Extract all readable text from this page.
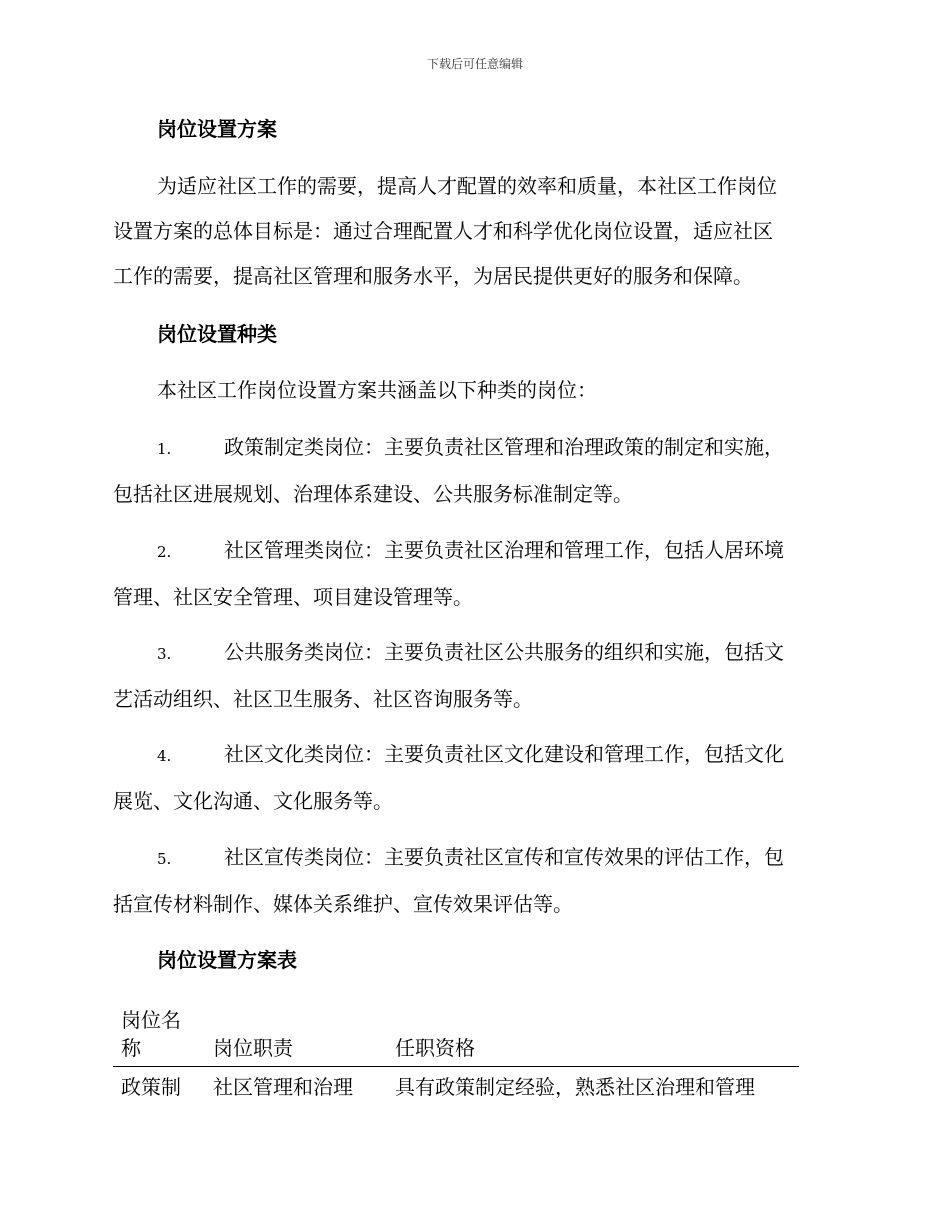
下载后可任意编辑
岗位设置方案
为适应社区工作的需要，提高人才配置的效率和质量，本社区工作岗位
设置方案的总体目标是：通过合理配置人才和科学优化岗位设置，适应社区
工作的需要，提高社区管理和服务水平，为居民提供更好的服务和保障。
岗位设置种类

本社区工作岗位设置方案共涵盖以下种类的岗位：

1.	政策制定类岗位：主要负责社区管理和治理政策的制定和实施，
包括社区进展规划、治理体系建设、公共服务标准制定等。
2.	社区管理类岗位：主要负责社区治理和管理工作，包括人居环境
管理、社区安全管理、项目建设管理等。
3.	公共服务类岗位：主要负责社区公共服务的组织和实施，包括文
艺活动组织、社区卫生服务、社区咨询服务等。
4.	社区文化类岗位：主要负责社区文化建设和管理工作，包括文化
展览、文化沟通、文化服务等。
5.	社区宣传类岗位：主要负责社区宣传和宣传效果的评估工作，包
括宣传材料制作、媒体关系维护、宣传效果评估等。
岗位设置方案表
岗位名
称	岗位职责	任职资格
政策制	社区管理和治理	具有政策制定经验，熟悉社区治理和管理
